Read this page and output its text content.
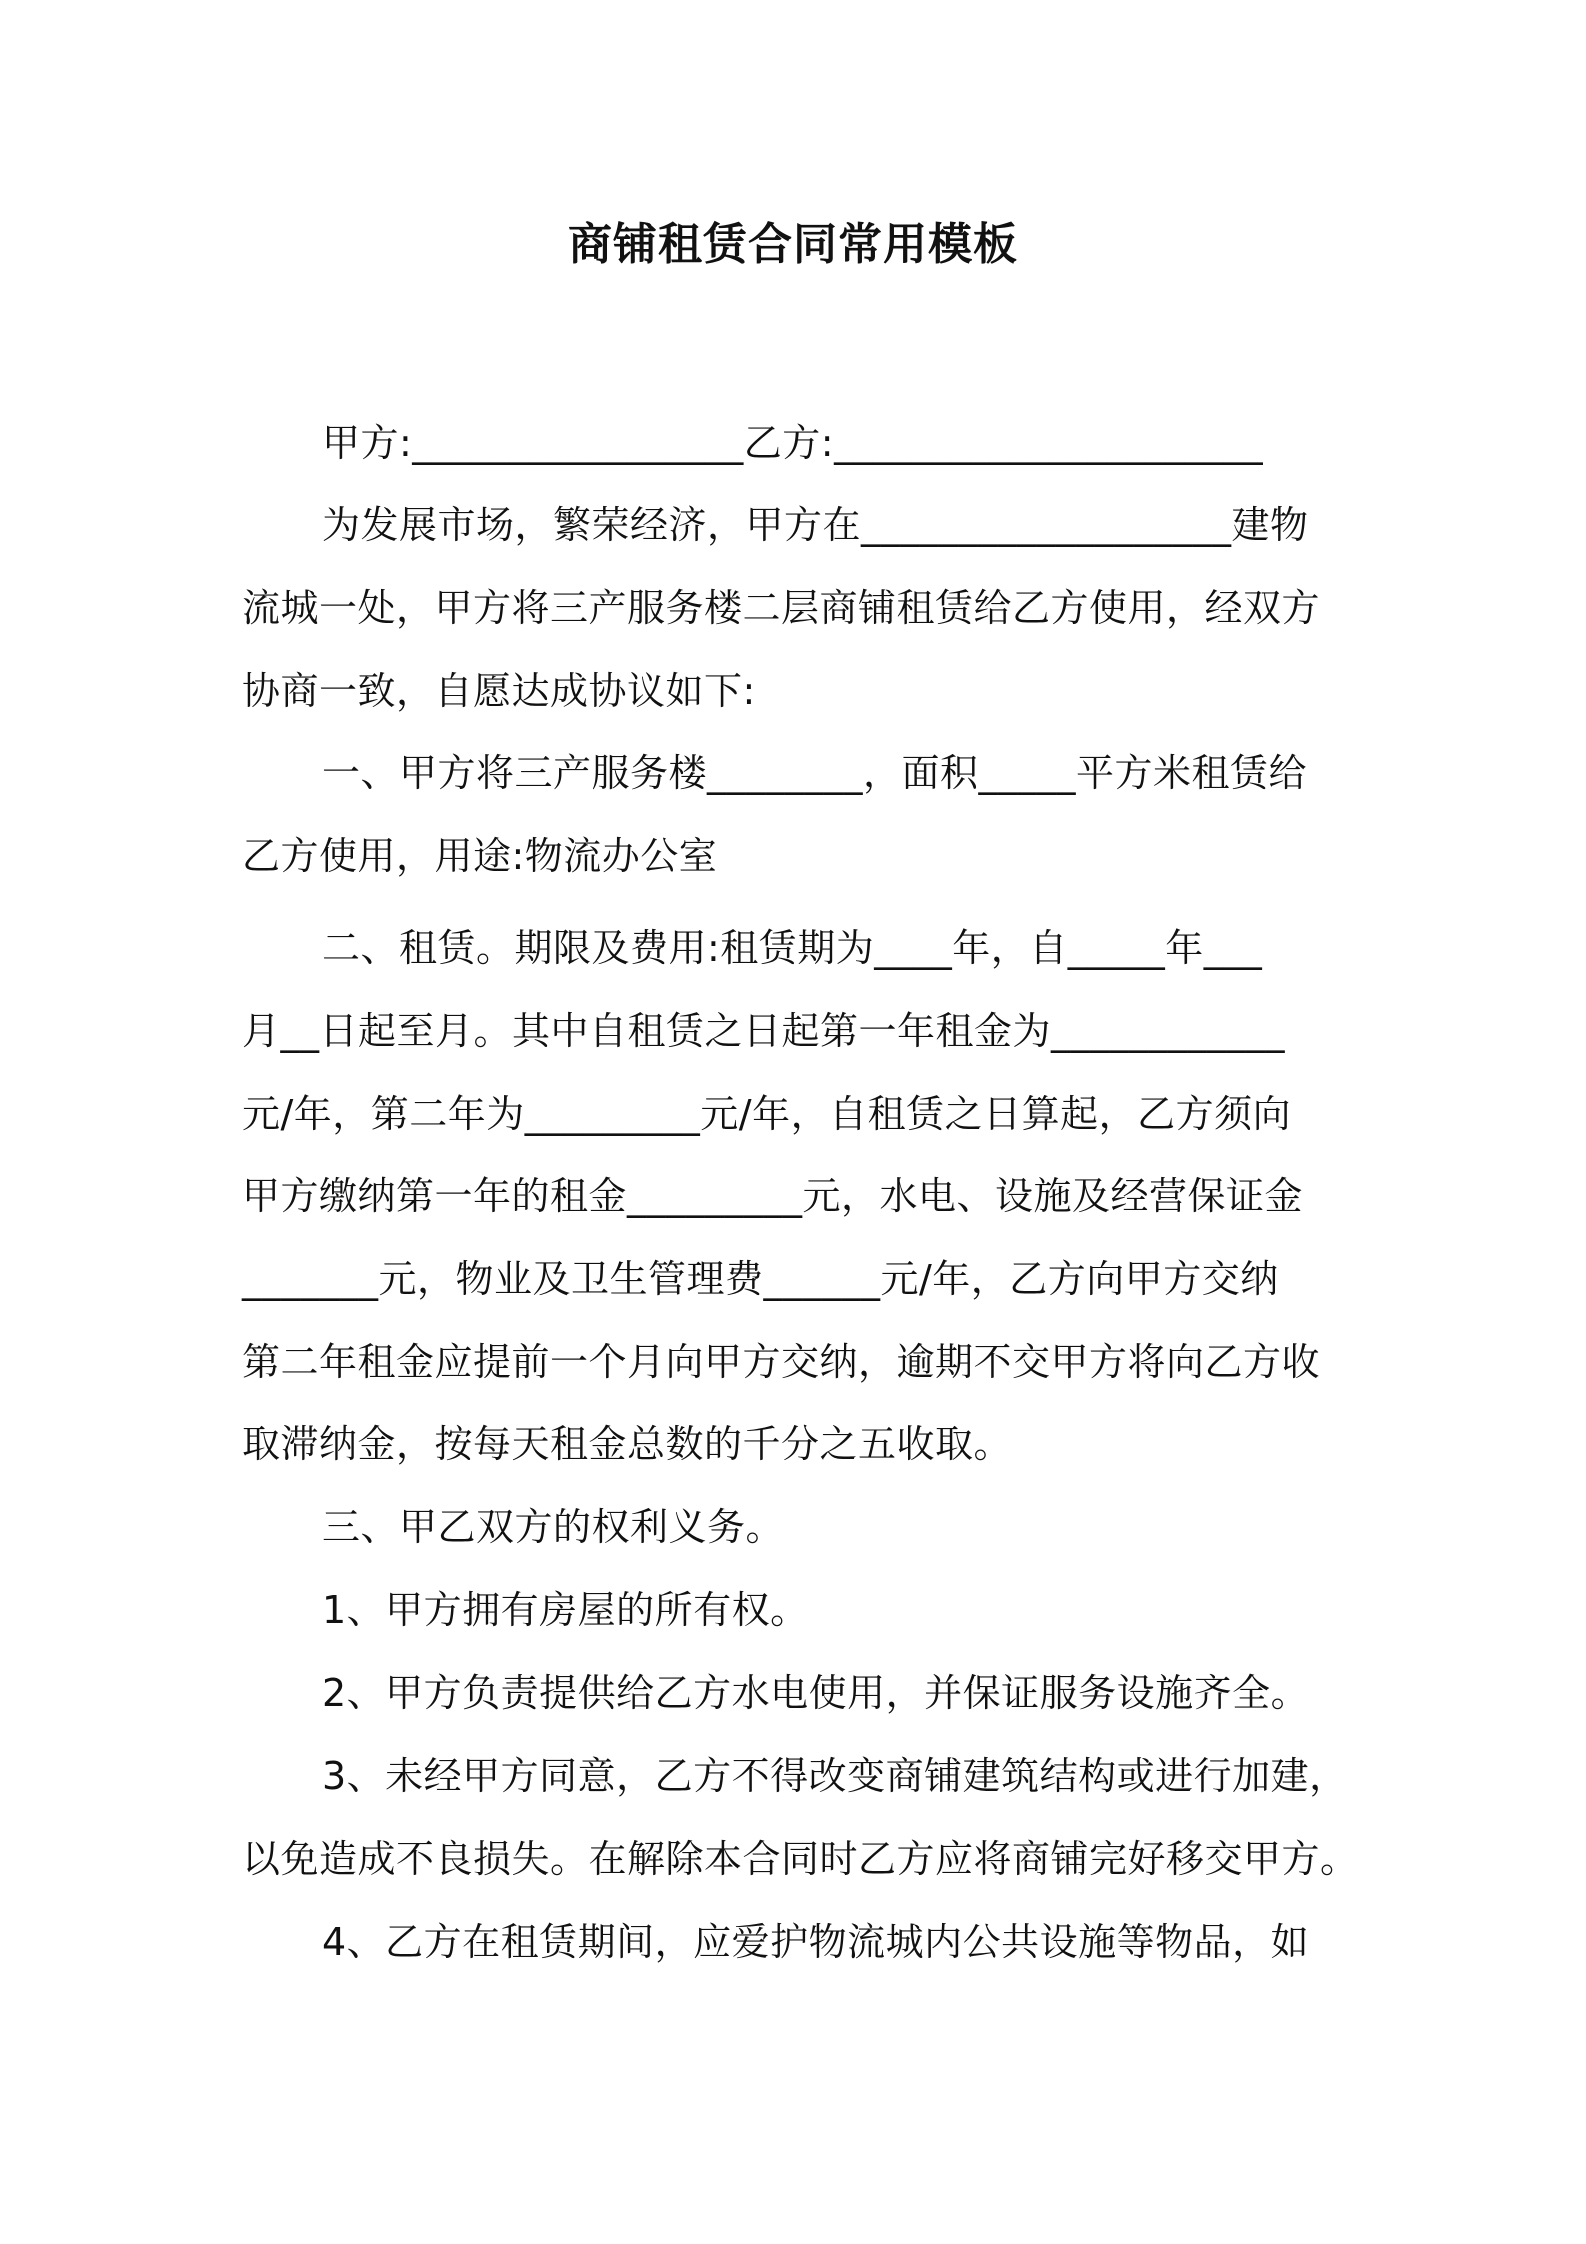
商铺租赁合同常用模板
甲方:_________________乙方:______________________
为发展市场，繁荣经济，甲方在___________________建物
流城一处，甲方将三产服务楼二层商铺租赁给乙方使用，经双方
协商一致，自愿达成协议如下:
一、甲方将三产服务楼________，面积_____平方米租赁给
乙方使用，用途:物流办公室
二、租赁。期限及费用:租赁期为____年，自_____年___
月__日起至月。其中自租赁之日起第一年租金为____________
元/年，第二年为_________元/年，自租赁之日算起，乙方须向
甲方缴纳第一年的租金_________元，水电、设施及经营保证金
_______元，物业及卫生管理费______元/年，乙方向甲方交纳
第二年租金应提前一个月向甲方交纳，逾期不交甲方将向乙方收
取滞纳金，按每天租金总数的千分之五收取。
三、甲乙双方的权利义务。
1、甲方拥有房屋的所有权。
2、甲方负责提供给乙方水电使用，并保证服务设施齐全。
3、未经甲方同意，乙方不得改变商铺建筑结构或进行加建，
以免造成不良损失。在解除本合同时乙方应将商铺完好移交甲方。
4、乙方在租赁期间，应爱护物流城内公共设施等物品，如
